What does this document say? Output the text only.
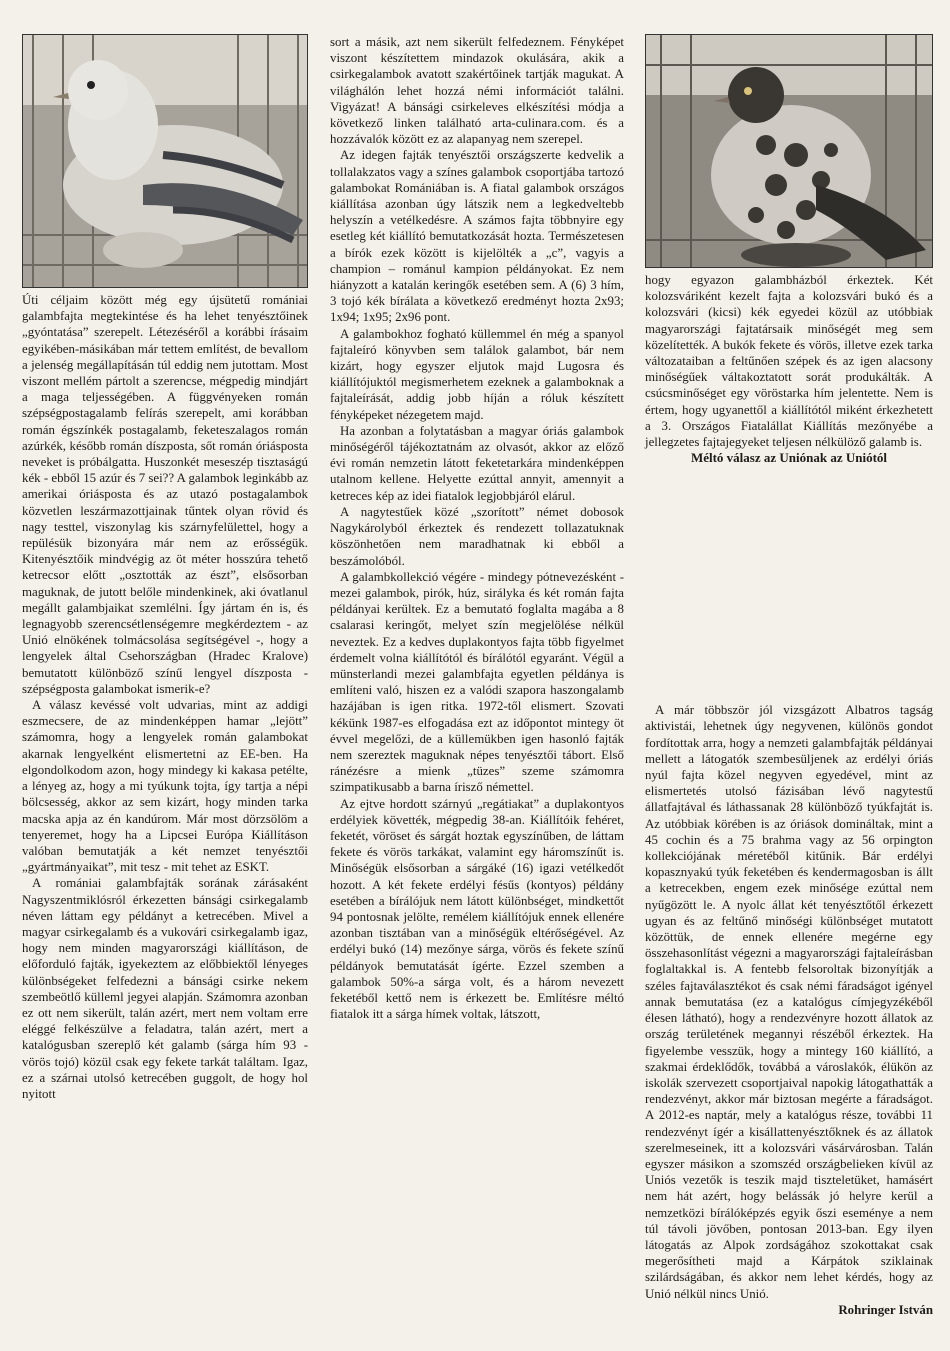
Úti céljaim között még egy újsütetű romániai galambfajta megtekintése és ha lehet tenyésztőinek „gyóntatása” szerepelt. Létezéséről a korábbi írásaim egyikében-másikában már tettem említést, de bevallom a jelenség megállapításán túl eddig nem jutottam. Most viszont mellém pártolt a szerencse, mégpedig mindjárt a maga teljességében. A függvényeken román szépségpostagalamb felírás szerepelt, ami korábban román égszínkék postagalamb, feketeszalagos román azúrkék, később román díszposta, sőt román óriásposta neveket is próbálgatta. Huszonkét meseszép tisztaságú kék - ebből 15 azúr és 7 sei?? A galambok leginkább az amerikai óriásposta és az utazó postagalambok közvetlen leszármazottjainak tűntek olyan rövid és nagy testtel, viszonylag kis szárnyfelülettel, hogy a repülésük bizonyára már nem az erősségük. Kitenyésztőik mindvégig az öt méter hosszúra tehető ketrecsor előtt „osztották az észt”, elsősorban maguknak, de jutott belőle mindenkinek, aki óvatlanul megállt galambjaikat szemlélni. Így jártam én is, és legnagyobb szerencsétlenségemre megkérdeztem - az Unió elnökének tolmácsolása segítségével -, hogy a lengyelek által Csehországban (Hradec Kralove) bemutatott különböző színű lengyel díszposta - szépségposta galambokat ismerik-e?

A válasz kevéssé volt udvarias, mint az addigi eszmecsere, de az mindenképpen hamar „lejött” számomra, hogy a lengyelek román galambokat akarnak lengyelként elismertetni az EE-ben. Ha elgondolkodom azon, hogy mindegy ki kakasa petélte, a lényeg az, hogy a mi tyúkunk tojta, így tartja a népi bölcsesség, akkor az sem kizárt, hogy minden tarka macska apja az én kandúrom. Már most dörzsölöm a tenyeremet, hogy ha a Lipcsei Európa Kiállításon valóban bemutatják a két nemzet tenyésztői „gyártmányaikat”, mit tesz - mit tehet az ESKT.

A romániai galambfajták sorának zárásaként Nagyszentmiklósról érkezetten bánsági csirkegalamb néven láttam egy példányt a ketrecében. Mivel a magyar csirkegalamb és a vukovári csirkegalamb igaz, hogy nem minden magyarországi kiállításon, de előforduló fajták, igyekeztem az előbbiektől lényeges különbségeket felfedezni a bánsági csirke nekem szembeötlő külleml jegyei alapján. Számomra azonban ez ott nem sikerült, talán azért, mert nem voltam erre eléggé felkészülve a feladatra, talán azért, mert a katalógusban szereplő két galamb (sárga hím 93 - vörös tojó) közül csak egy fekete tarkát találtam. Igaz, ez a szárnai utolsó ketrecében guggolt, de hogy hol nyitott

sort a másik, azt nem sikerült felfedeznem. Fényképet viszont készítettem mindazok okulására, akik a csirkegalambok avatott szakértőinek tartják magukat. A világhálón lehet hozzá némi információt találni. Vigyázat! A bánsági csirkeleves elkészítési módja a következő linken található arta-culinara.com. és a hozzávalók között ez az alapanyag nem szerepel.

Az idegen fajták tenyésztői országszerte kedvelik a tollalakzatos vagy a színes galambok csoportjába tartozó galambokat Romániában is. A fiatal galambok országos kiállítása azonban úgy látszik nem a legkedveltebb helyszín a vetélkedésre. A számos fajta többnyire egy esetleg két kiállító bemutatkozását hozta. Természetesen a bírók ezek között is kijelölték a „c”, vagyis a champion – románul kampion példányokat. Ez nem hiányzott a katalán keringők esetében sem. A (6) 3 hím, 3 tojó kék bírálata a következő eredményt hozta 2x93; 1x94; 1x95; 2x96 pont.

A galambokhoz fogható küllemmel én még a spanyol fajtaleíró könyvben sem találok galambot, bár nem kizárt, hogy egyszer eljutok majd Lugosra és kiállítójuktól megismerhetem ezeknek a galamboknak a fajtaleírását, addig jobb híján a róluk készített fényképeket nézegetem majd.

Ha azonban a folytatásban a magyar óriás galambok minőségéről tájékoztatnám az olvasót, akkor az előző évi román nemzetin látott feketetarkára mindenképpen utalnom kellene. Helyette ezúttal annyit, amennyit a ketreces kép az idei fiatalok legjobbjáról elárul.

A nagytestűek közé „szorított” német dobosok Nagykárolyból érkeztek és rendezett tollazatuknak köszönhetően nem maradhatnak ki ebből a beszámolóból.

A galambkollekció végére - mindegy pótnevezésként - mezei galambok, pirók, húz, sirályka és két román fajta példányai kerültek. Ez a bemutató foglalta magába a 8 csalarasi keringőt, melyet szín megjelölése nélkül neveztek. Ez a kedves duplakontyos fajta több figyelmet érdemelt volna kiállítótól és bírálótól egyaránt. Végül a münsterlandi mezei galambfajta egyetlen példánya is említeni való, hiszen ez a valódi szapora haszongalamb hazájában is igen ritka. 1972-től elismert. Szovati kékünk 1987-es elfogadása ezt az időpontot mintegy öt évvel megelőzi, de a küllemükben igen hasonló fajták nem szereztek maguknak népes tenyésztői tábort. Első ránézésre a mienk „tüzes” szeme számomra szimpatikusabb a barna írisző némettel.

Az ejtve hordott szárnyú „regátiakat” a duplakontyos erdélyiek követték, mégpedig 38-an. Kiállítóik fehéret, feketét, vöröset és sárgát hoztak egyszínűben, de láttam fekete és vörös tarkákat, valamint egy háromszínűt is. Minőségük elsősorban a sárgáké (16) igazi vetélkedőt hozott. A két fekete erdélyi fésűs (kontyos) példány esetében a bírálójuk nem látott különbséget, mindkettőt 94 pontosnak jelölte, remélem kiállítójuk ennek ellenére azonban tisztában van a minőségük eltérőségével. Az erdélyi bukó (14) mezőnye sárga, vörös és fekete színű példányok bemutatását ígérte. Ezzel szemben a galambok 50%-a sárga volt, és a három nevezett feketéből kettő nem is érkezett be. Említésre méltó fiatalok itt a sárga hímek voltak, látszott,

hogy egyazon galambházból érkeztek. Két kolozsváriként kezelt fajta a kolozsvári bukó és a kolozsvári (kicsi) kék egyedei közül az utóbbiak magyarországi fajtatársaik minőségét meg sem közelítették. A bukók fekete és vörös, illetve ezek tarka változataiban a feltűnően szépek és az igen alacsony minőségűek váltakoztatott sorát produkálták. A csúcsminőséget egy vöröstarka hím jelentette. Nem is értem, hogy ugyanettől a kiállítótól miként érkezhetett a 3. Országos Fiatalállat Kiállítás mezőnyébe a jellegzetes fajtajegyeket teljesen nélkülöző galamb is.

Méltó válasz az Uniónak az Uniótól

A már többször jól vizsgázott Albatros tagság aktivistái, lehetnek úgy negyvenen, különös gondot fordítottak arra, hogy a nemzeti galambfajták példányai mellett a látogatók szembesüljenek az erdélyi óriás nyúl fajta közel negyven egyedével, mint az elismertetés utolsó fázisában lévő nagytestű állatfajtával és láthassanak 28 különböző tyúkfajtát is. Az utóbbiak körében is az óriások domináltak, mint a 45 cochin és a 75 brahma vagy az 56 orpington kollekciójának méretéből kitűnik. Bár erdélyi kopasznyakú tyúk feketében és kendermagosban is állt a ketrecekben, engem ezek minősége ezúttal nem nyűgözött le. A nyolc állat két tenyésztőtől érkezett ugyan és az feltűnő minőségi különbséget mutatott közöttük, de ennek ellenére megérne egy összehasonlítást végezni a magyarországi fajtaleírásban foglaltakkal is. A fentebb felsoroltak bizonyítják a széles fajtaválasztékot és csak némi fáradságot igényel annak bemutatása (ez a katalógus címjegyzékéből élesen látható), hogy a rendezvényre hozott állatok az ország területének megannyi részéből érkeztek. Ha figyelembe vesszük, hogy a mintegy 160 kiállító, a szakmai érdeklődők, továbbá a városlakók, élükön az iskolák szervezett csoportjaival napokig látogathatták a rendezvényt, akkor már biztosan megérte a fáradságot. A 2012-es naptár, mely a katalógus része, további 11 rendezvényt ígér a kisállattenyésztőknek és az állatok szerelmeseinek, itt a kolozsvári vásárvárosban. Talán egyszer másikon a szomszéd országbelieken kívül az Uniós vezetők is teszik majd tiszteletüket, hamásért nem hát azért, hogy belássák jó helyre kerül a nemzetközi bírálóképzés egyik őszi eseménye a nem túl távoli jövőben, pontosan 2013-ban. Egy ilyen látogatás az Alpok zordságához szokottakat csak megerősítheti majd a Kárpátok sziklainak szilárdságában, és akkor nem lehet kérdés, hogy az Unió nélkül nincs Unió.

Rohringer István
